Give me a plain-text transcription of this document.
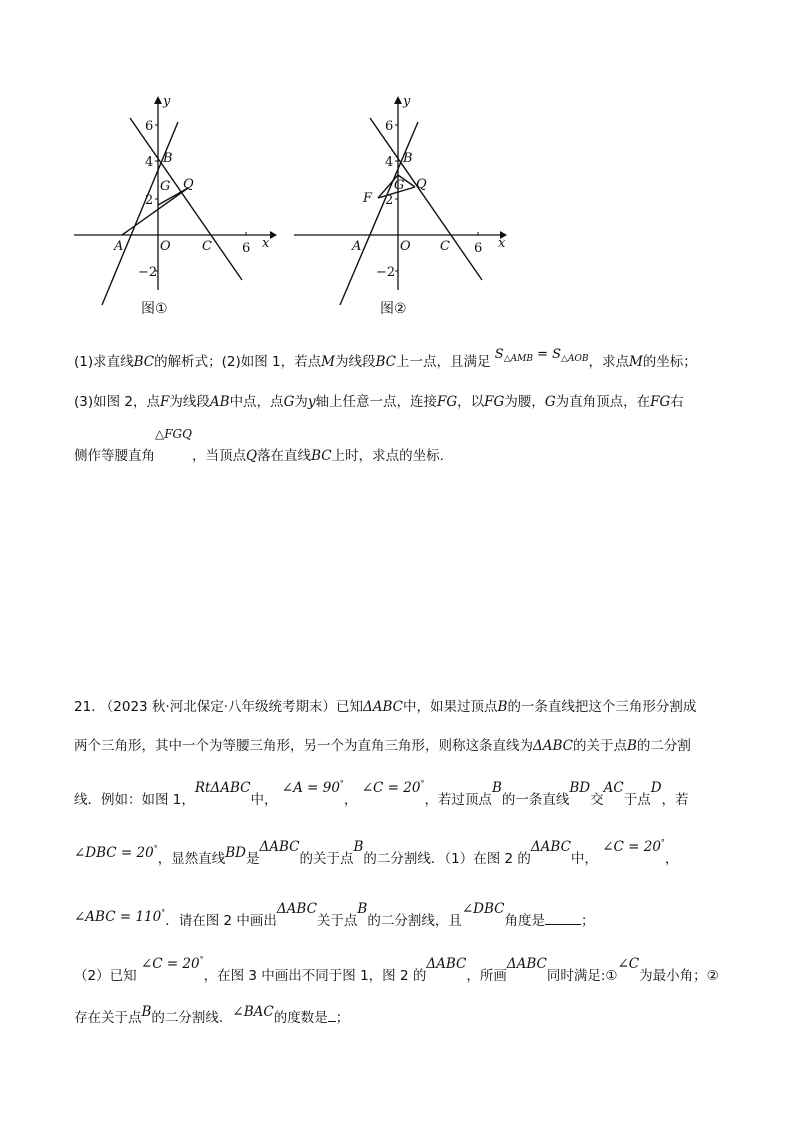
y
x
6
4
2
−2
6
O
A
B
C
G Q
图①
y
x
6
4
2
−2
6
O
A
B
C
G Q
F
图②
(1)求直线BC的解析式；(2)如图 1，若点M为线段BC上一点，且满足 $S_{\triangle AMB} = S_{\triangle AOB}$，求点M的坐标；
(3)如图 2，点F为线段AB中点，点G为y轴上任意一点，连接FG，以FG为腰，G为直角顶点，在FG右
侧作等腰直角△FGQ，当顶点Q落在直线BC上时，求点的坐标.
21. （2023 秋·河北保定·八年级统考期末）已知ΔABC中，如果过顶点B的一条直线把这个三角形分割成
两个三角形，其中一个为等腰三角形，另一个为直角三角形，则称这条直线为ΔABC的关于点B的二分割
线．例如：如图 1，RtΔABC中， ∠A = 90°， ∠C = 20°，若过顶点B的一条直线BD交AC于点D，若
∠DBC = 20°，显然直线BD是ΔABC的关于点B的二分割线．（1）在图 2 的ΔABC中， ∠C = 20°，
∠ABC = 110°．请在图 2 中画出ΔABC关于点B的二分割线，且∠DBC角度是	；
（2）已知 ∠C = 20°，在图 3 中画出不同于图 1，图 2 的ΔABC，所画ΔABC同时满足:①∠C为最小角；②
存在关于点B的二分割线．∠BAC的度数是 ；
